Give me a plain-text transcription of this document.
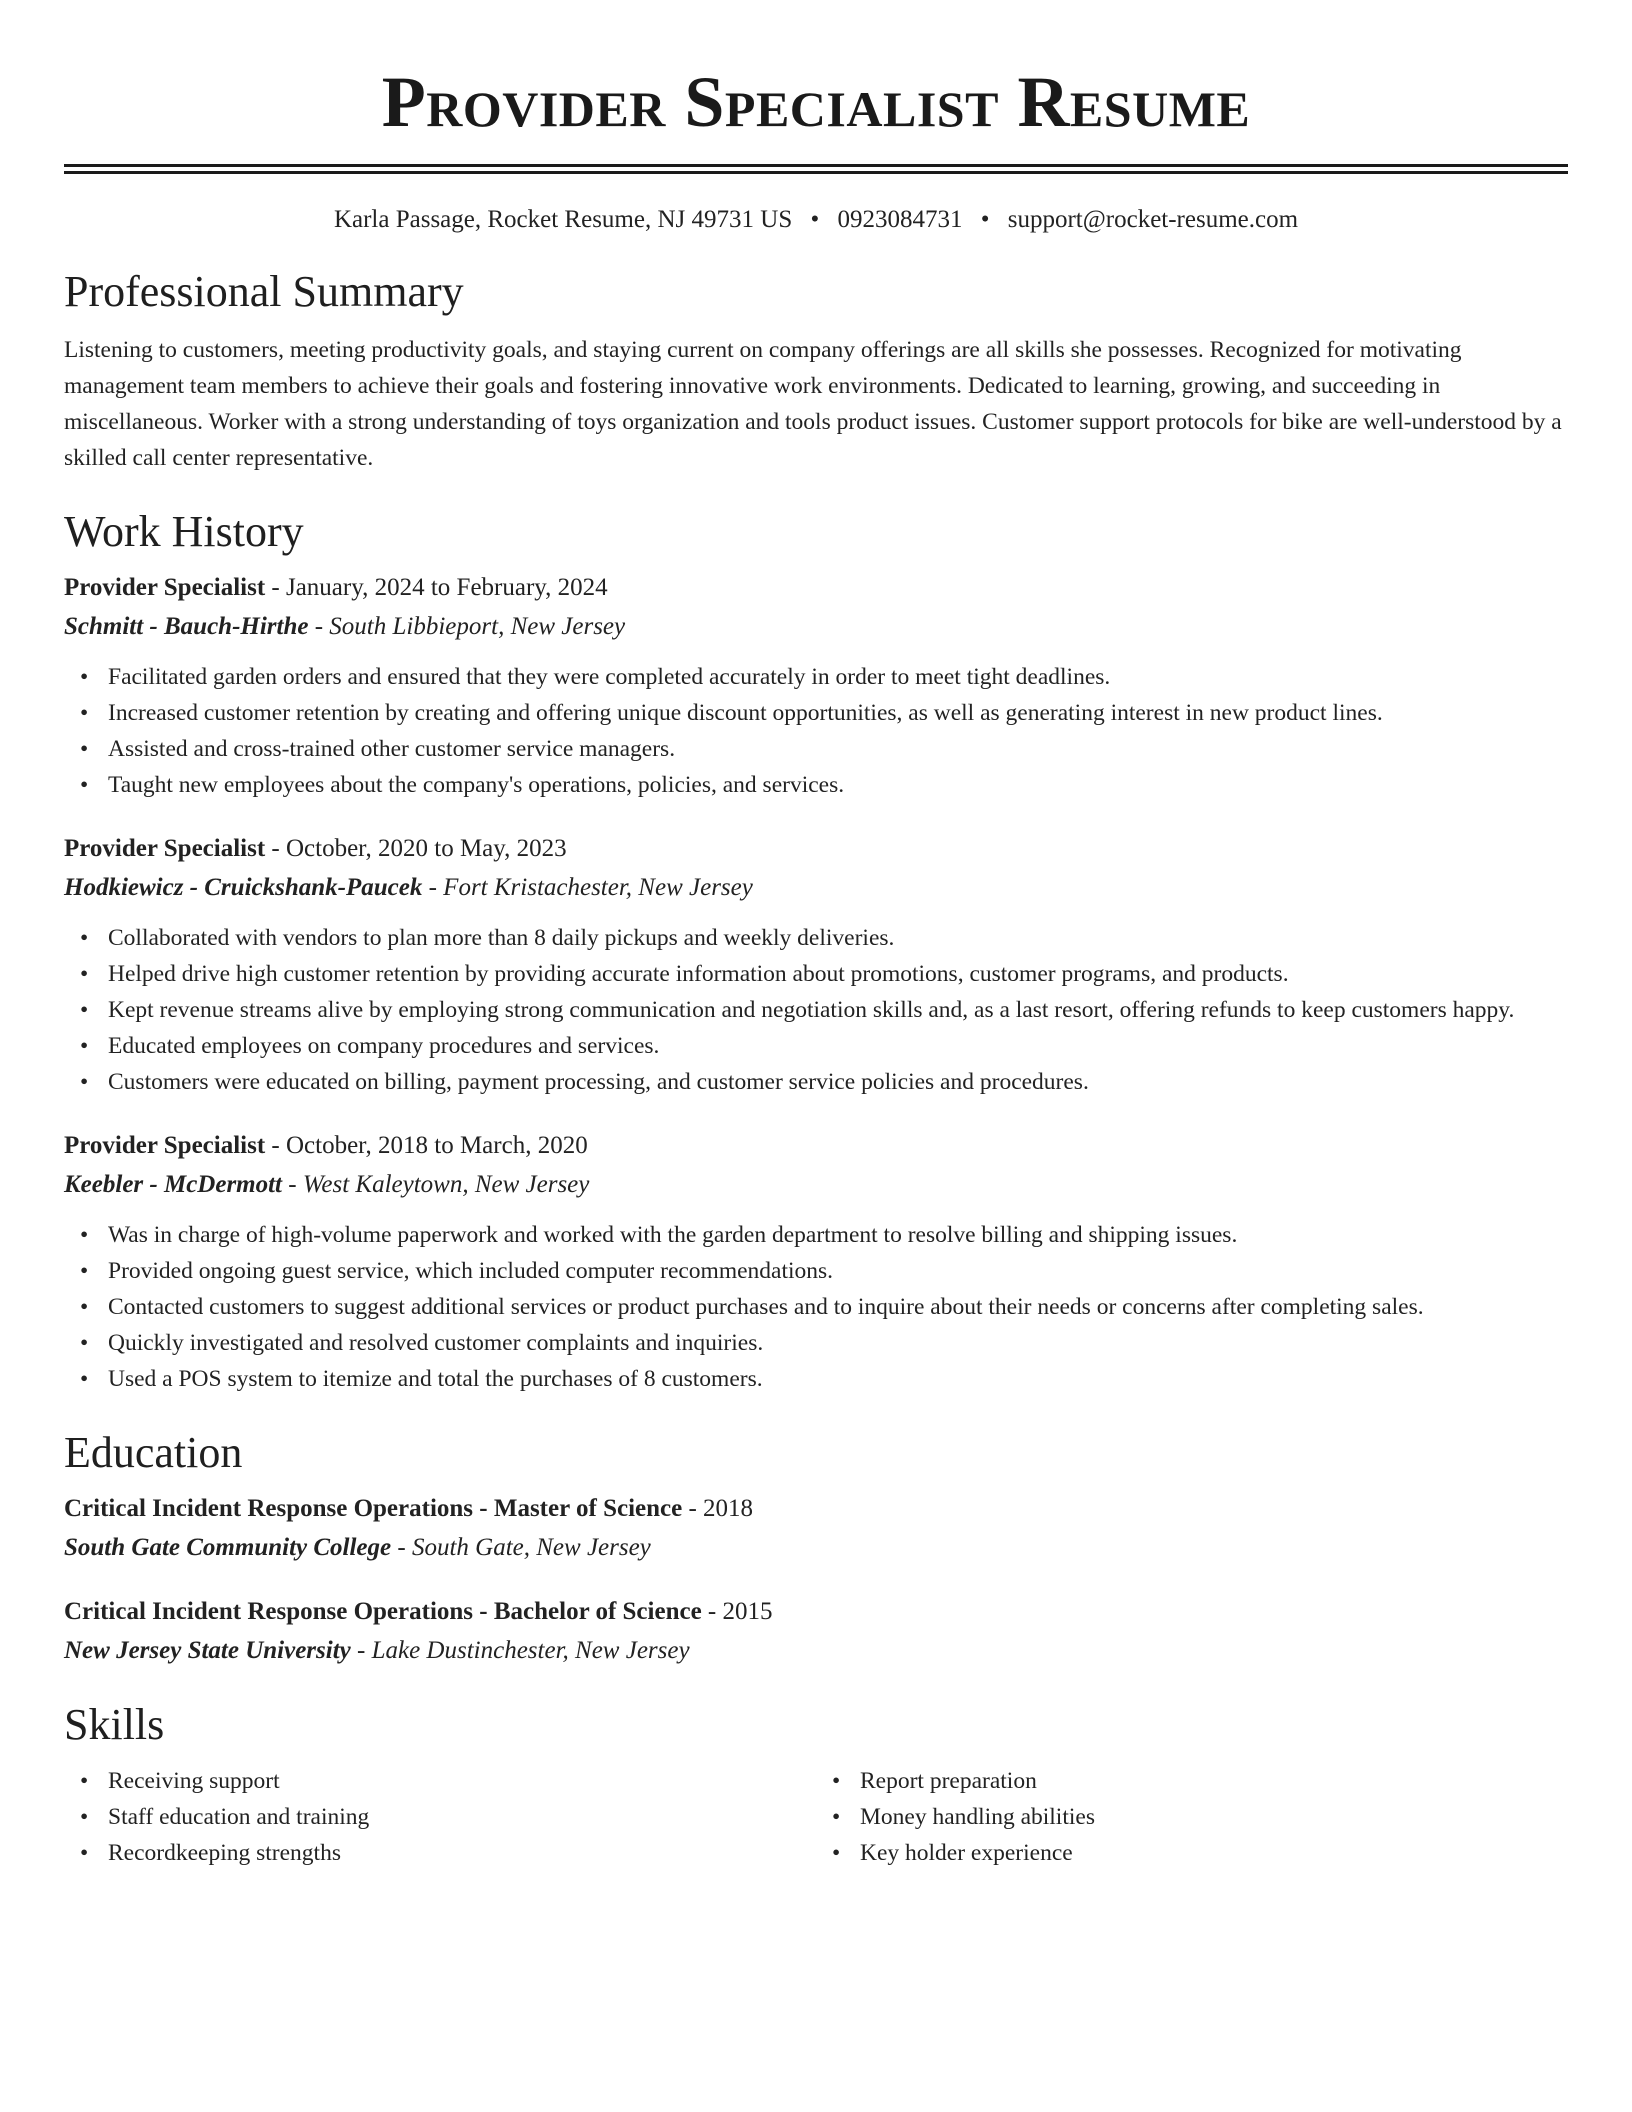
Provider Specialist Resume
Karla Passage, Rocket Resume, NJ 49731 US • 0923084731 • support@rocket-resume.com
Professional Summary

Listening to customers, meeting productivity goals, and staying current on company offerings are all skills she possesses. Recognized for motivating management team members to achieve their goals and fostering innovative work environments. Dedicated to learning, growing, and succeeding in miscellaneous. Worker with a strong understanding of toys organization and tools product issues. Customer support protocols for bike are well-understood by a skilled call center representative.

Work History
Provider Specialist - January, 2024 to February, 2024
Schmitt - Bauch-Hirthe - South Libbieport, New Jersey
• Facilitated garden orders and ensured that they were completed accurately in order to meet tight deadlines.
• Increased customer retention by creating and offering unique discount opportunities, as well as generating interest in new product lines.
• Assisted and cross-trained other customer service managers.
• Taught new employees about the company's operations, policies, and services.
Provider Specialist - October, 2020 to May, 2023
Hodkiewicz - Cruickshank-Paucek - Fort Kristachester, New Jersey
• Collaborated with vendors to plan more than 8 daily pickups and weekly deliveries.
• Helped drive high customer retention by providing accurate information about promotions, customer programs, and products.
• Kept revenue streams alive by employing strong communication and negotiation skills and, as a last resort, offering refunds to keep customers happy.
• Educated employees on company procedures and services.
• Customers were educated on billing, payment processing, and customer service policies and procedures.
Provider Specialist - October, 2018 to March, 2020
Keebler - McDermott - West Kaleytown, New Jersey
• Was in charge of high-volume paperwork and worked with the garden department to resolve billing and shipping issues.
• Provided ongoing guest service, which included computer recommendations.
• Contacted customers to suggest additional services or product purchases and to inquire about their needs or concerns after completing sales.
• Quickly investigated and resolved customer complaints and inquiries.
• Used a POS system to itemize and total the purchases of 8 customers.
Education
Critical Incident Response Operations - Master of Science - 2018
South Gate Community College - South Gate, New Jersey
Critical Incident Response Operations - Bachelor of Science - 2015
New Jersey State University - Lake Dustinchester, New Jersey
Skills
• Receiving support
• Staff education and training
• Recordkeeping strengths
• Report preparation
• Money handling abilities
• Key holder experience
